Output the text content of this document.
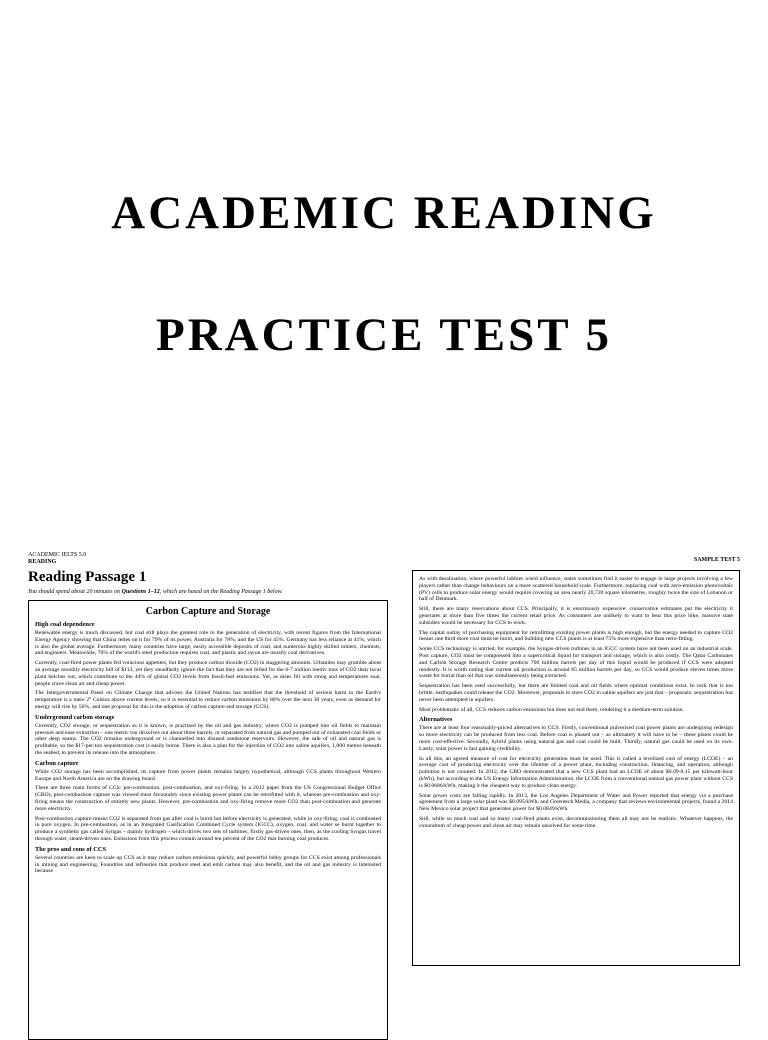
ACADEMIC READING
PRACTICE TEST 5
ACADEMIC IELTS 5.0
READING	SAMPLE TEST 5
Reading Passage 1
You should spend about 20 minutes on Questions 1–12, which are based on the Reading Passage 1 below.
Carbon Capture and Storage
High coal dependence

Renewable energy is much discussed, but coal still plays the greatest role in the generation of electricity, with recent figures from the International Energy Agency showing that China relies on it for 79% of its power, Australia for 78%, and the US for 45%. Germany has less reliance at 41%, which is also the global average. Furthermore, many countries have large, easily accessible deposits of coal, and numerous highly skilled miners, chemists, and engineers. Meanwhile, 70% of the world's steel production requires coal, and plastic and rayon are usually coal derivatives.

Currently, coal-fired power plants fed voracious appetites, but they produce carbon dioxide (CO2) in staggering amounts. Urbanites may grumble about an average monthly electricity bill of $113, yet they steadfastly ignore the fact that they are not billed for the 6-7 million metric tons of CO2 their local plant belches out, which contribute to the 44% of global CO2 levels from fossil-fuel emissions. Yet, as skies fill with smog and temperatures soar, people crave clean air and cheap power.

The Intergovernmental Panel on Climate Change that advises the United Nations has testified that the threshold of serious harm to the Earth's temperature is a mere 2° Celsius above current levels, so it is essential to reduce carbon emissions by 80% over the next 30 years, even as demand for energy will rise by 50%, and one proposal for this is the adoption of carbon capture and storage (CCS).

Underground carbon storage

Currently, CO2 storage, or sequestration as it is known, is practised by the oil and gas industry, where CO2 is pumped into oil fields to maintain pressure and ease extraction – one metric ton dissolves out about three barrels, or separated from natural gas and pumped out of exhausted coal fields or other deep seams. The CO2 remains underground or is channelled into disused sandstone reservoirs. However, the sale of oil and natural gas is profitable, so the $17-per-ton sequestration cost is easily borne. There is also a plan for the injection of CO2 into saline aquifers, 1,000 metres beneath the seabed, to prevent its release into the atmosphere.

Carbon capture

While CO2 storage has been accomplished, its capture from power plants remains largely hypothetical, although CCS plants throughout Western Europe and North America are on the drawing board.

There are three main forms of CCS: pre-combustion, post-combustion, and oxy-firing. In a 2012 paper from the US Congressional Budget Office (CBO), post-combustion capture was viewed most favourably since existing power plants can be retrofitted with it, whereas pre-combustion and oxy-firing means the construction of entirely new plants. However, pre-combustion and oxy-firing remove more CO2 than post-combustion and generate more electricity.

Post-combustion capture means CO2 is separated from gas after coal is burnt but before electricity is generated, while in oxy-firing, coal is combusted in pure oxygen. In pre-combustion, as in an Integrated Gasification Combined Cycle system (IGCC), oxygen, coal, and water se burnt together to produce a synthetic gas called Syngas – mainly hydrogen – which drives two sets of turbines, firstly gas-driven ones, then, as the cooling Syngas travel through water, steam-driven ones. Emissions from this process contain around ten percent of the CO2 that burning coal produces.

The pros and cons of CCS

Several countries are keen to scale up CCS as it may reduce carbon emissions quickly, and powerful lobby groups for CCS exist among professionals in mining and engineering. Foundries and refineries that produce steel and emit carbon may also benefit, and the oil and gas industry is interested because

As with desalination, where powerful lobbies wield influence, states sometimes find it easier to engage in large projects involving a few players rather than change behaviours on a more scattered household scale. Furthermore, replacing coal with zero-emission photovoltaic (PV) cells to produce solar energy would require covering an area nearly 20,720 square kilometres, roughly twice the size of Lebanon or half of Denmark.

Still, there are many reservations about CCS. Principally, it is enormously expensive: conservative estimates put the electricity it generates at more than five times the current retail price. As consumers are unlikely to want to bear this price hike, massive state subsidies would be necessary for CCS to work.

The capital outlay of purchasing equipment for retrofitting existing power plants is high enough, but the energy needed to capture CO2 means one third more coal must be burnt, and building new CCS plants is at least 75% more expensive than retro-fitting.

Some CCS technology is untried, for example, the Syngas-driven turbines in an IGCC system have not been used on an industrial scale. Post capture, CO2 must be compressed into a supercritical liquid for transport and storage, which is also costly. The Qatar Carbonates and Carbon Storage Research Centre predicts 700 million barrels per day of this liquid would be produced if CCS were adopted modestly. It is worth noting that current oil production is around 85 million barrels per day, so CCS would produce eleven times more waste for burial than oil that was simultaneously being extracted.

Sequestration has been used successfully, but there are limited coal and oil fields where optimal conditions exist. In rock that is too brittle, earthquakes could release the CO2. Moreover, proposals to store CO2 in saline aquifers are just that – proposals: sequestration has never been attempted in aquifers.

Most problematic of all, CCS reduces carbon emissions but does not end them, rendering it a medium-term solution.

Alternatives

There are at least four reasonably-priced alternatives to CCS. Firstly, conventional pulverised coal power plants are undergoing redesign so more electricity can be produced from less coal. Before coal is phased out – as ultimately it will have to be – these plants could be more cost-effective. Secondly, hybrid plants using natural gas and coal could be built. Thirdly, natural gas could be used on its own. Lastly, solar power is fast gaining credibility.

In all this, an agreed measure of cost for electricity generation must be used. This is called a levelized cost of energy (LCOE) – an average cost of producing electricity over the lifetime of a power plant, including construction, financing, and operation, although pollution is not counted. In 2012, the CBO demonstrated that a new CCS plant had an LCOE of about $0.09-0.15 per kilowatt-hour (kWh), but according to the US Energy Information Administration, the LCOE from a conventional natural gas power plant without CCS is $0.0686/kWh, making it the cheapest way to produce clean energy.

Solar power costs are falling rapidly. In 2013, the Los Angeles Department of Water and Power reported that energy via a purchase agreement from a large solar plant was $0.095/kWh, and Greentech Media, a company that reviews environmental projects, found a 2014 New Mexico solar project that generates power for $0.0849/kWh.

Still, while so much coal and so many coal-fired plants exist, decommissioning them all may not be realistic. Whatever happens, the conundrum of cheap power and clean air may remain unsolved for some time.
